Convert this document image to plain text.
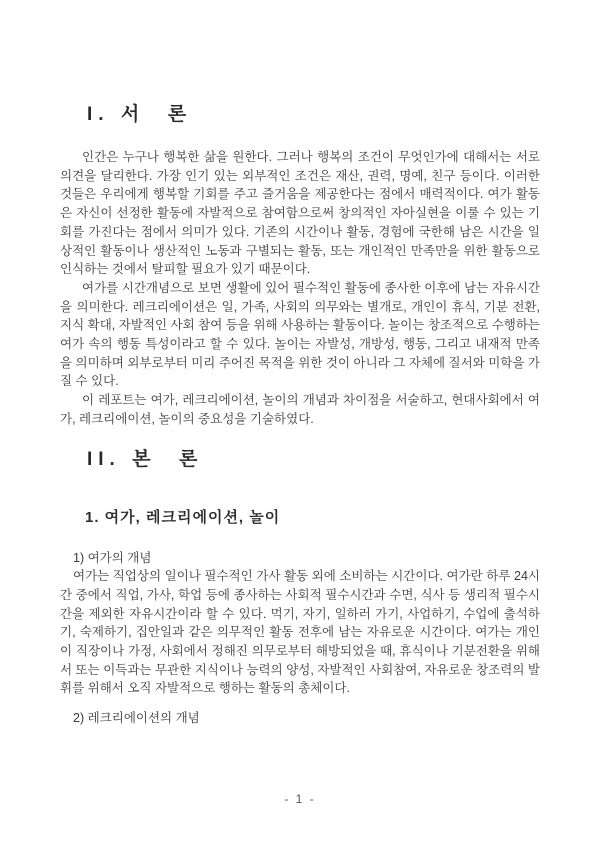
I. 서  론

인간은 누구나 행복한 삶을 원한다. 그러나 행복의 조건이 무엇인가에 대해서는 서로 의견을 달리한다. 가장 인기 있는 외부적인 조건은 재산, 권력, 명예, 친구 등이다. 이러한 것들은 우리에게 행복할 기회를 주고 즐거움을 제공한다는 점에서 매력적이다. 여가 활동은 자신이 선정한 활동에 자발적으로 참여함으로써 창의적인 자아실현을 이룰 수 있는 기회를 가진다는 점에서 의미가 있다. 기존의 시간이나 활동, 경험에 국한해 남은 시간을 일상적인 활동이나 생산적인 노동과 구별되는 활동, 또는 개인적인 만족만을 위한 활동으로 인식하는 것에서 탈피할 필요가 있기 때문이다.

여가를 시간개념으로 보면 생활에 있어 필수적인 활동에 종사한 이후에 남는 자유시간을 의미한다. 레크리에이션은 일, 가족, 사회의 의무와는 별개로, 개인이 휴식, 기분 전환, 지식 확대, 자발적인 사회 참여 등을 위해 사용하는 활동이다. 놀이는 창조적으로 수행하는 여가 속의 행동 특성이라고 할 수 있다. 놀이는 자발성, 개방성, 행동, 그리고 내재적 만족을 의미하며 외부로부터 미리 주어진 목적을 위한 것이 아니라 그 자체에 질서와 미학을 가질 수 있다.

이 레포트는 여가, 레크리에이션, 놀이의 개념과 차이점을 서술하고, 현대사회에서 여가, 레크리에이션, 놀이의 중요성을 기술하였다.

II. 본  론
1. 여가, 레크리에이션, 놀이
1) 여가의 개념

여가는 직업상의 일이나 필수적인 가사 활동 외에 소비하는 시간이다. 여가란 하루 24시간 중에서 직업, 가사, 학업 등에 종사하는 사회적 필수시간과 수면, 식사 등 생리적 필수시간을 제외한 자유시간이라 할 수 있다. 먹기, 자기, 일하러 가기, 사업하기, 수업에 출석하기, 숙제하기, 집안일과 같은 의무적인 활동 전후에 남는 자유로운 시간이다. 여가는 개인이 직장이나 가정, 사회에서 정해진 의무로부터 해방되었을 때, 휴식이나 기분전환을 위해서 또는 이득과는 무관한 지식이나 능력의 양성, 자발적인 사회참여, 자유로운 창조력의 발휘를 위해서 오직 자발적으로 행하는 활동의 총체이다.

2) 레크리에이션의 개념
- 1 -
